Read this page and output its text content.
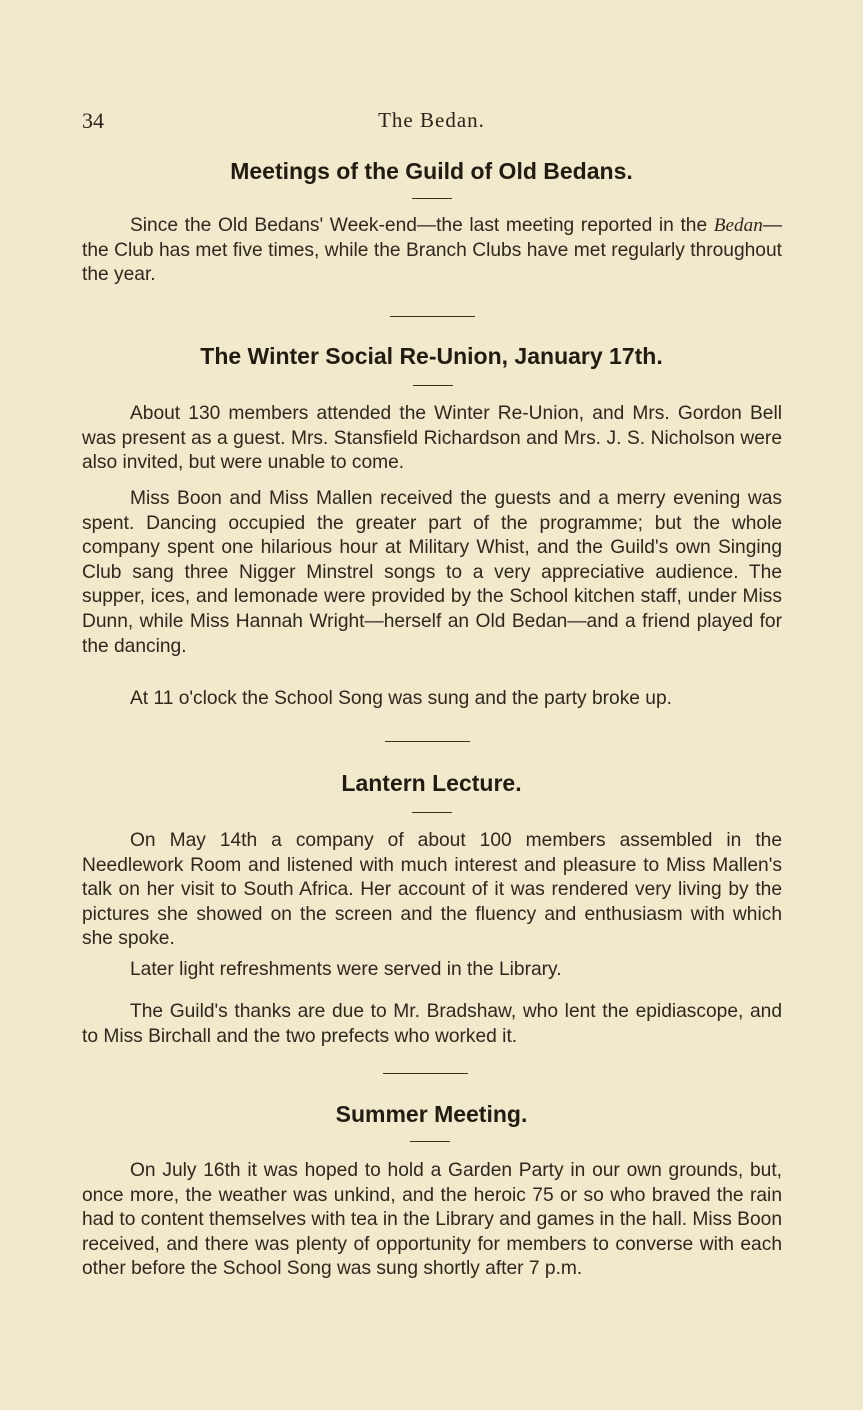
34	The Bedan.
Meetings of the Guild of Old Bedans.

Since the Old Bedans' Week-end—the last meeting reported in the Bedan—the Club has met five times, while the Branch Clubs have met regularly throughout the year.

The Winter Social Re-Union, January 17th.

About 130 members attended the Winter Re-Union, and Mrs. Gordon Bell was present as a guest. Mrs. Stansfield Richardson and Mrs. J. S. Nicholson were also invited, but were unable to come.

Miss Boon and Miss Mallen received the guests and a merry evening was spent. Dancing occupied the greater part of the programme; but the whole company spent one hilarious hour at Military Whist, and the Guild's own Singing Club sang three Nigger Minstrel songs to a very appreciative audience. The supper, ices, and lemonade were provided by the School kitchen staff, under Miss Dunn, while Miss Hannah Wright—herself an Old Bedan—and a friend played for the dancing.

At 11 o'clock the School Song was sung and the party broke up.

Lantern Lecture.

On May 14th a company of about 100 members assembled in the Needlework Room and listened with much interest and pleasure to Miss Mallen's talk on her visit to South Africa. Her account of it was rendered very living by the pictures she showed on the screen and the fluency and enthusiasm with which she spoke.

Later light refreshments were served in the Library.

The Guild's thanks are due to Mr. Bradshaw, who lent the epidiascope, and to Miss Birchall and the two prefects who worked it.

Summer Meeting.

On July 16th it was hoped to hold a Garden Party in our own grounds, but, once more, the weather was unkind, and the heroic 75 or so who braved the rain had to content themselves with tea in the Library and games in the hall. Miss Boon received, and there was plenty of opportunity for members to converse with each other before the School Song was sung shortly after 7 p.m.
